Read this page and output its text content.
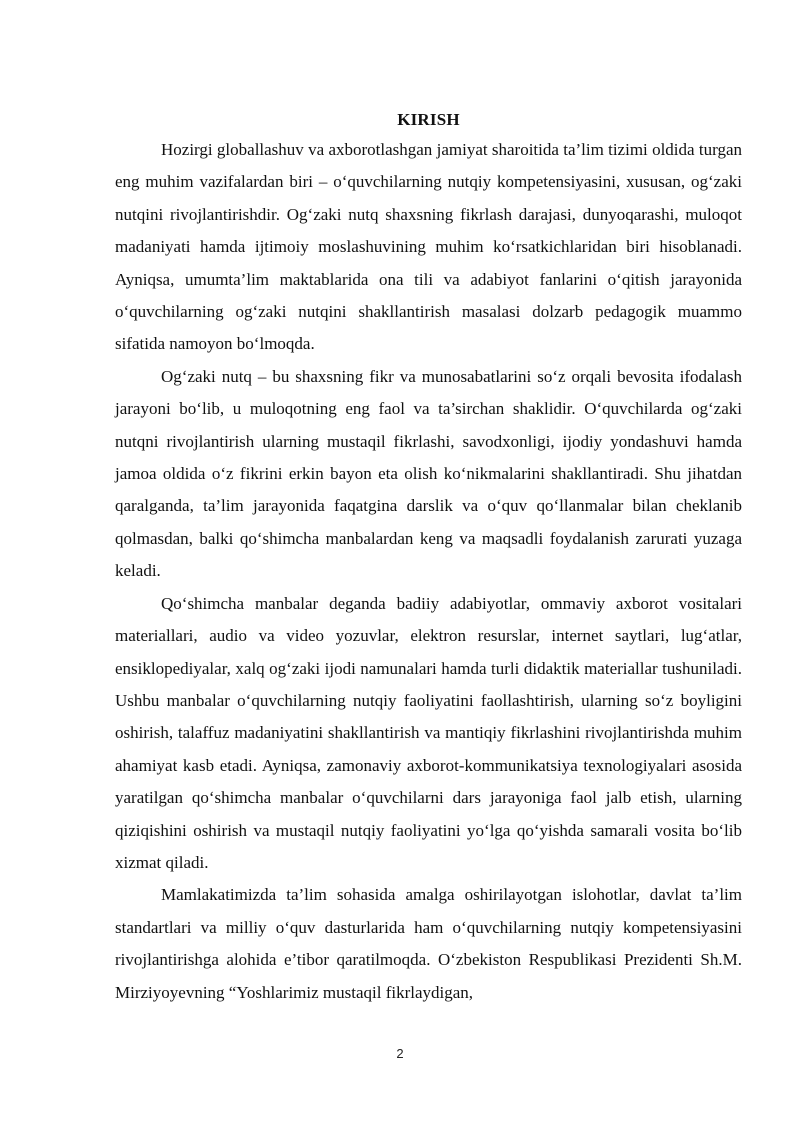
KIRISH

Hozirgi globallashuv va axborotlashgan jamiyat sharoitida ta’lim tizimi oldida turgan eng muhim vazifalardan biri – o‘quvchilarning nutqiy kompetensiyasini, xususan, og‘zaki nutqini rivojlantirishdir. Og‘zaki nutq shaxsning fikrlash darajasi, dunyoqarashi, muloqot madaniyati hamda ijtimoiy moslashuvining muhim ko‘rsatkichlaridan biri hisoblanadi. Ayniqsa, umumta’lim maktablarida ona tili va adabiyot fanlarini o‘qitish jarayonida o‘quvchilarning og‘zaki nutqini shakllantirish masalasi dolzarb pedagogik muammo sifatida namoyon bo‘lmoqda.

Og‘zaki nutq – bu shaxsning fikr va munosabatlarini so‘z orqali bevosita ifodalash jarayoni bo‘lib, u muloqotning eng faol va ta’sirchan shaklidir. O‘quvchilarda og‘zaki nutqni rivojlantirish ularning mustaqil fikrlashi, savodxonligi, ijodiy yondashuvi hamda jamoa oldida o‘z fikrini erkin bayon eta olish ko‘nikmalarini shakllantiradi. Shu jihatdan qaralganda, ta’lim jarayonida faqatgina darslik va o‘quv qo‘llanmalar bilan cheklanib qolmasdan, balki qo‘shimcha manbalardan keng va maqsadli foydalanish zarurati yuzaga keladi.

Qo‘shimcha manbalar deganda badiiy adabiyotlar, ommaviy axborot vositalari materiallari, audio va video yozuvlar, elektron resurslar, internet saytlari, lug‘atlar, ensiklopediyalar, xalq og‘zaki ijodi namunalari hamda turli didaktik materiallar tushuniladi. Ushbu manbalar o‘quvchilarning nutqiy faoliyatini faollashtirish, ularning so‘z boyligini oshirish, talaffuz madaniyatini shakllantirish va mantiqiy fikrlashini rivojlantirishda muhim ahamiyat kasb etadi. Ayniqsa, zamonaviy axborot-kommunikatsiya texnologiyalari asosida yaratilgan qo‘shimcha manbalar o‘quvchilarni dars jarayoniga faol jalb etish, ularning qiziqishini oshirish va mustaqil nutqiy faoliyatini yo‘lga qo‘yishda samarali vosita bo‘lib xizmat qiladi.

Mamlakatimizda ta’lim sohasida amalga oshirilayotgan islohotlar, davlat ta’lim standartlari va milliy o‘quv dasturlarida ham o‘quvchilarning nutqiy kompetensiyasini rivojlantirishga alohida e’tibor qaratilmoqda. O‘zbekiston Respublikasi Prezidenti Sh.M. Mirziyoyevning “Yoshlarimiz mustaqil fikrlaydigan,

2
